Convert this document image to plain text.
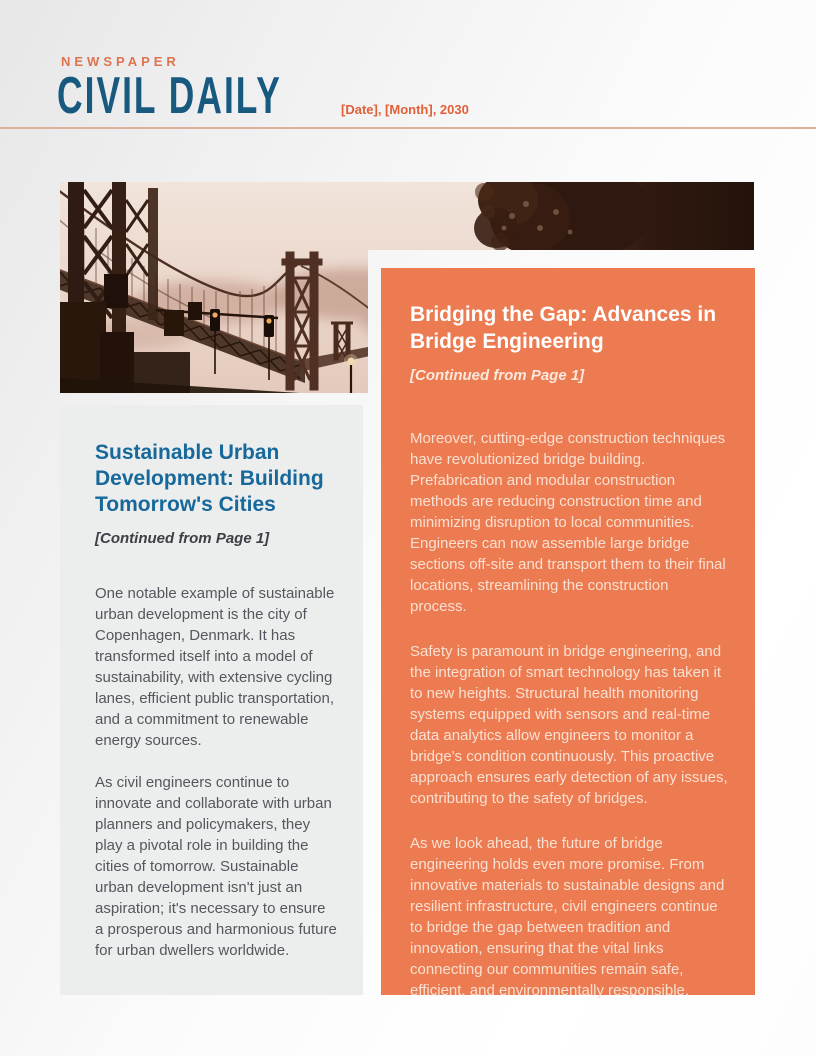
NEWSPAPER
CIVIL DAILY	[Date], [Month], 2030
Sustainable Urban Development: Building Tomorrow's Cities

[Continued from Page 1]

One notable example of sustainable urban development is the city of Copenhagen, Denmark. It has transformed itself into a model of sustainability, with extensive cycling lanes, efficient public transportation, and a commitment to renewable energy sources.

As civil engineers continue to innovate and collaborate with urban planners and policymakers, they play a pivotal role in building the cities of tomorrow. Sustainable urban development isn't just an aspiration; it's necessary to ensure a prosperous and harmonious future for urban dwellers worldwide.

Bridging the Gap: Advances in Bridge Engineering

[Continued from Page 1]

Moreover, cutting-edge construction techniques have revolutionized bridge building. Prefabrication and modular construction methods are reducing construction time and minimizing disruption to local communities. Engineers can now assemble large bridge sections off-site and transport them to their final locations, streamlining the construction process.

Safety is paramount in bridge engineering, and the integration of smart technology has taken it to new heights. Structural health monitoring systems equipped with sensors and real-time data analytics allow engineers to monitor a bridge's condition continuously. This proactive approach ensures early detection of any issues, contributing to the safety of bridges.

As we look ahead, the future of bridge engineering holds even more promise. From innovative materials to sustainable designs and resilient infrastructure, civil engineers continue to bridge the gap between tradition and innovation, ensuring that the vital links connecting our communities remain safe, efficient, and environmentally responsible.
